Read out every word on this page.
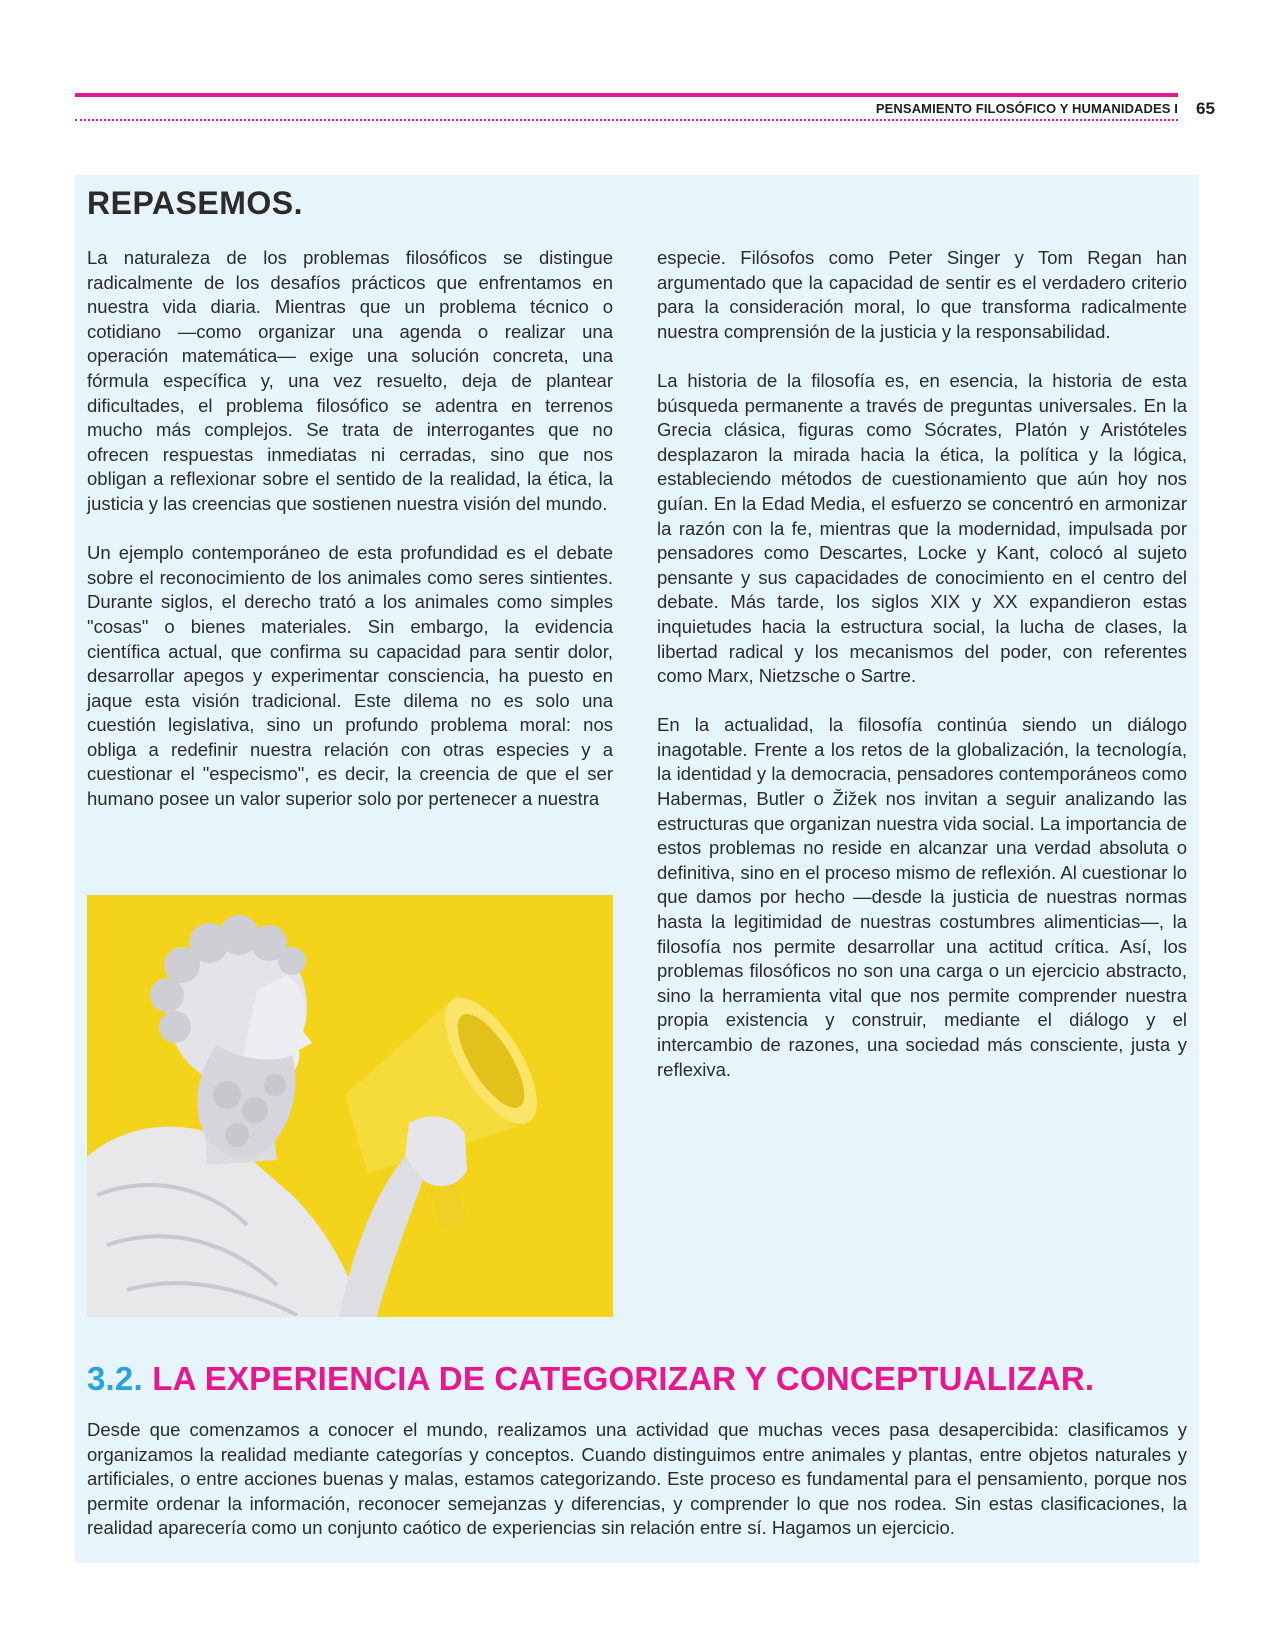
PENSAMIENTO FILOSÓFICO Y HUMANIDADES I 65
REPASEMOS.

La naturaleza de los problemas filosóficos se distingue radicalmente de los desafíos prácticos que enfrentamos en nuestra vida diaria. Mientras que un problema técnico o cotidiano —como organizar una agenda o realizar una operación matemática— exige una solución concreta, una fórmula específica y, una vez resuelto, deja de plantear dificultades, el problema filosófico se adentra en terrenos mucho más complejos. Se trata de interrogantes que no ofrecen respuestas inmediatas ni cerradas, sino que nos obligan a reflexionar sobre el sentido de la realidad, la ética, la justicia y las creencias que sostienen nuestra visión del mundo.

Un ejemplo contemporáneo de esta profundidad es el debate sobre el reconocimiento de los animales como seres sintientes. Durante siglos, el derecho trató a los animales como simples "cosas" o bienes materiales. Sin embargo, la evidencia científica actual, que confirma su capacidad para sentir dolor, desarrollar apegos y experimentar consciencia, ha puesto en jaque esta visión tradicional. Este dilema no es solo una cuestión legislativa, sino un profundo problema moral: nos obliga a redefinir nuestra relación con otras especies y a cuestionar el "especismo", es decir, la creencia de que el ser humano posee un valor superior solo por pertenecer a nuestra

especie. Filósofos como Peter Singer y Tom Regan han argumentado que la capacidad de sentir es el verdadero criterio para la consideración moral, lo que transforma radicalmente nuestra comprensión de la justicia y la responsabilidad.

La historia de la filosofía es, en esencia, la historia de esta búsqueda permanente a través de preguntas universales. En la Grecia clásica, figuras como Sócrates, Platón y Aristóteles desplazaron la mirada hacia la ética, la política y la lógica, estableciendo métodos de cuestionamiento que aún hoy nos guían. En la Edad Media, el esfuerzo se concentró en armonizar la razón con la fe, mientras que la modernidad, impulsada por pensadores como Descartes, Locke y Kant, colocó al sujeto pensante y sus capacidades de conocimiento en el centro del debate. Más tarde, los siglos XIX y XX expandieron estas inquietudes hacia la estructura social, la lucha de clases, la libertad radical y los mecanismos del poder, con referentes como Marx, Nietzsche o Sartre.

En la actualidad, la filosofía continúa siendo un diálogo inagotable. Frente a los retos de la globalización, la tecnología, la identidad y la democracia, pensadores contemporáneos como Habermas, Butler o Žižek nos invitan a seguir analizando las estructuras que organizan nuestra vida social. La importancia de estos problemas no reside en alcanzar una verdad absoluta o definitiva, sino en el proceso mismo de reflexión. Al cuestionar lo que damos por hecho —desde la justicia de nuestras normas hasta la legitimidad de nuestras costumbres alimenticias—, la filosofía nos permite desarrollar una actitud crítica. Así, los problemas filosóficos no son una carga o un ejercicio abstracto, sino la herramienta vital que nos permite comprender nuestra propia existencia y construir, mediante el diálogo y el intercambio de razones, una sociedad más consciente, justa y reflexiva.

3.2. LA EXPERIENCIA DE CATEGORIZAR Y CONCEPTUALIZAR.

Desde que comenzamos a conocer el mundo, realizamos una actividad que muchas veces pasa desapercibida: clasificamos y organizamos la realidad mediante categorías y conceptos. Cuando distinguimos entre animales y plantas, entre objetos naturales y artificiales, o entre acciones buenas y malas, estamos categorizando. Este proceso es fundamental para el pensamiento, porque nos permite ordenar la información, reconocer semejanzas y diferencias, y comprender lo que nos rodea. Sin estas clasificaciones, la realidad aparecería como un conjunto caótico de experiencias sin relación entre sí. Hagamos un ejercicio.
